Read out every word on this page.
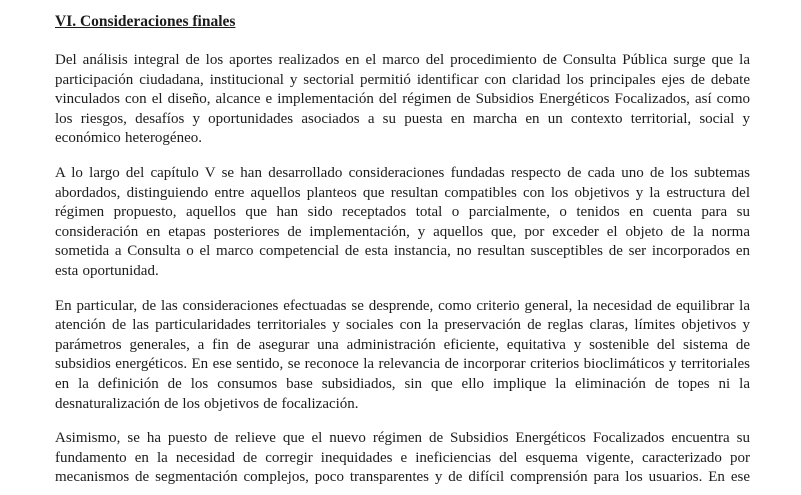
VI. Consideraciones finales

Del análisis integral de los aportes realizados en el marco del procedimiento de Consulta Pública surge que la participación ciudadana, institucional y sectorial permitió identificar con claridad los principales ejes de debate vinculados con el diseño, alcance e implementación del régimen de Subsidios Energéticos Focalizados, así como los riesgos, desafíos y oportunidades asociados a su puesta en marcha en un contexto territorial, social y económico heterogéneo.

A lo largo del capítulo V se han desarrollado consideraciones fundadas respecto de cada uno de los subtemas abordados, distinguiendo entre aquellos planteos que resultan compatibles con los objetivos y la estructura del régimen propuesto, aquellos que han sido receptados total o parcialmente, o tenidos en cuenta para su consideración en etapas posteriores de implementación, y aquellos que, por exceder el objeto de la norma sometida a Consulta o el marco competencial de esta instancia, no resultan susceptibles de ser incorporados en esta oportunidad.

En particular, de las consideraciones efectuadas se desprende, como criterio general, la necesidad de equilibrar la atención de las particularidades territoriales y sociales con la preservación de reglas claras, límites objetivos y parámetros generales, a fin de asegurar una administración eficiente, equitativa y sostenible del sistema de subsidios energéticos. En ese sentido, se reconoce la relevancia de incorporar criterios bioclimáticos y territoriales en la definición de los consumos base subsidiados, sin que ello implique la eliminación de topes ni la desnaturalización de los objetivos de focalización.

Asimismo, se ha puesto de relieve que el nuevo régimen de Subsidios Energéticos Focalizados encuentra su fundamento en la necesidad de corregir inequidades e ineficiencias del esquema vigente, caracterizado por mecanismos de segmentación complejos, poco transparentes y de difícil comprensión para los usuarios. En ese
